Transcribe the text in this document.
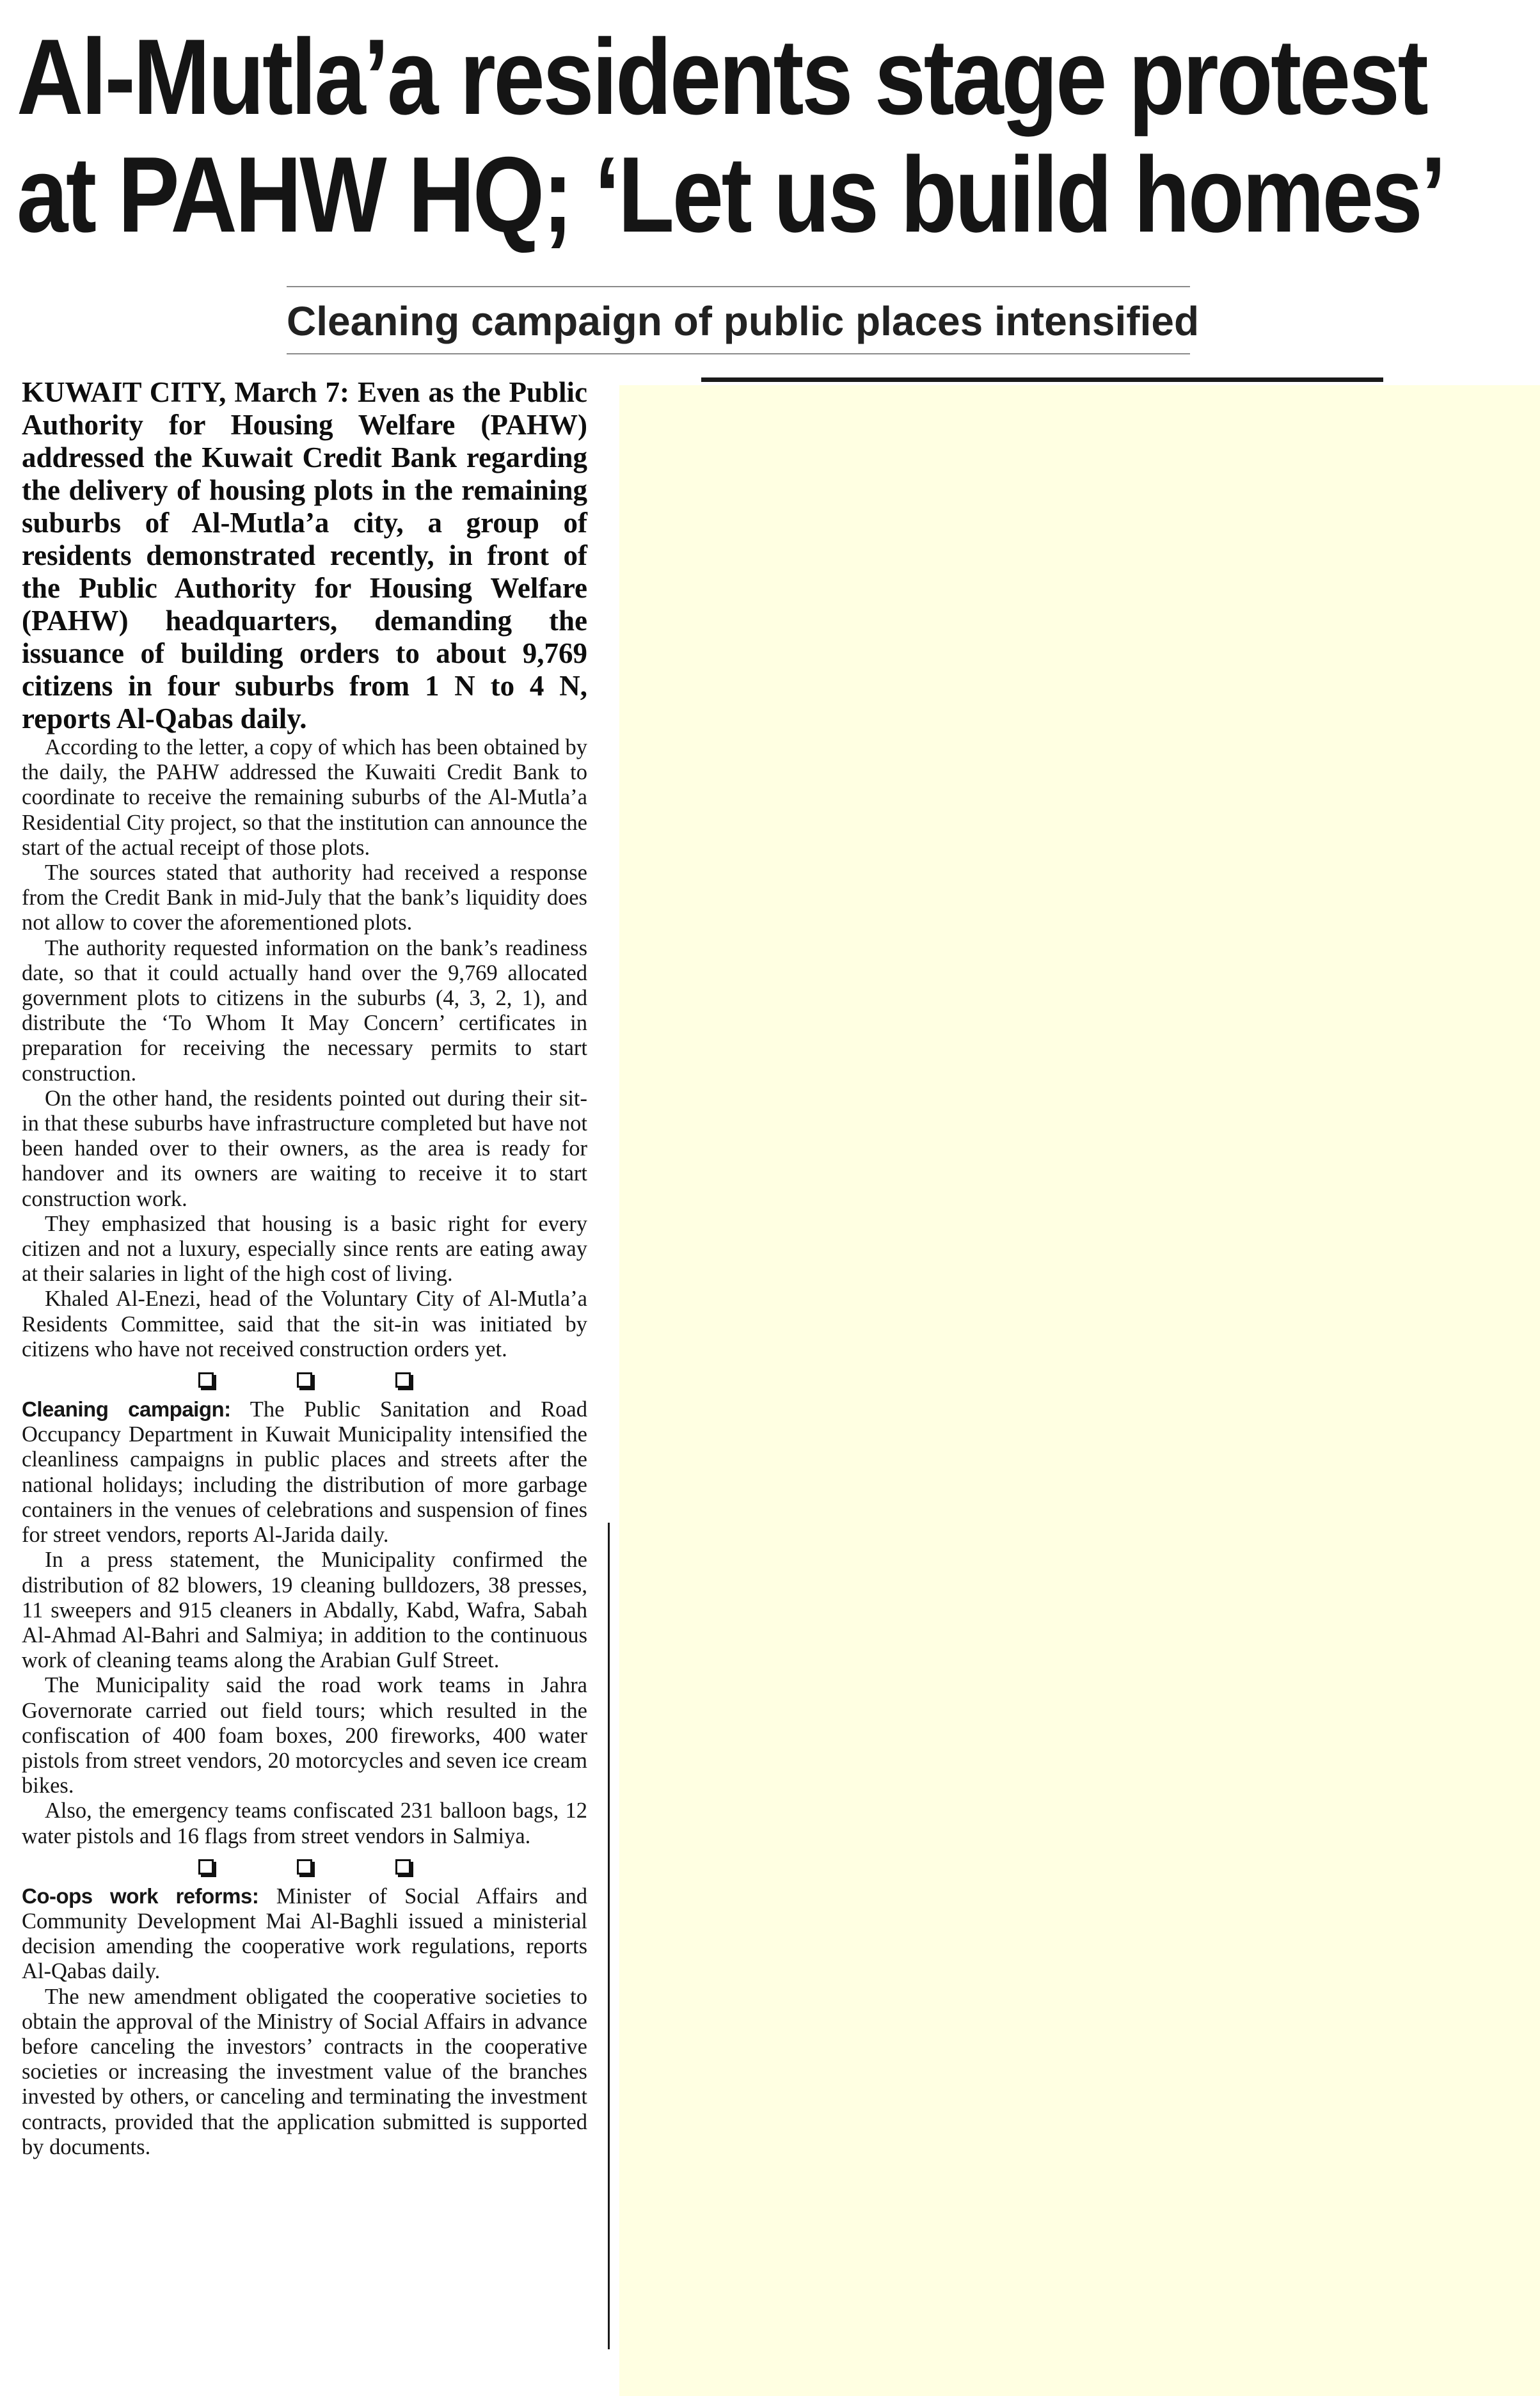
Al-Mutla’a residents stage protest
at PAHW HQ; ‘Let us build homes’
Cleaning campaign of public places intensified

KUWAIT CITY, March 7: Even as the Public Authority for Housing Welfare (PAHW) addressed the Kuwait Credit Bank regarding the delivery of housing plots in the remaining suburbs of Al-Mutla’a city, a group of residents demonstrated recently, in front of the Public Authority for Housing Welfare (PAHW) headquarters, demanding the issuance of building orders to about 9,769 citizens in four suburbs from 1 N to 4 N, reports Al-Qabas daily.

According to the letter, a copy of which has been obtained by the daily, the PAHW addressed the Kuwaiti Credit Bank to coordinate to receive the remaining suburbs of the Al-Mutla’a Residential City project, so that the institution can announce the start of the actual receipt of those plots.

The sources stated that authority had received a response from the Credit Bank in mid-July that the bank’s liquidity does not allow to cover the aforementioned plots.

The authority requested information on the bank’s readiness date, so that it could actually hand over the 9,769 allocated government plots to citizens in the suburbs (4, 3, 2, 1), and distribute the ‘To Whom It May Concern’ certificates in preparation for receiving the necessary permits to start construction.

On the other hand, the residents pointed out during their sit-in that these suburbs have infrastructure completed but have not been handed over to their owners, as the area is ready for handover and its owners are waiting to receive it to start construction work.

They emphasized that housing is a basic right for every citizen and not a luxury, especially since rents are eating away at their salaries in light of the high cost of living.

Khaled Al-Enezi, head of the Voluntary City of Al-Mutla’a Residents Committee, said that the sit-in was initiated by citizens who have not received construction orders yet.

Cleaning campaign: The Public Sanitation and Road Occupancy Department in Kuwait Municipality intensified the cleanliness campaigns in public places and streets after the national holidays; including the distribution of more garbage containers in the venues of celebrations and suspension of fines for street vendors, reports Al-Jarida daily.

In a press statement, the Municipality confirmed the distribution of 82 blowers, 19 cleaning bulldozers, 38 presses, 11 sweepers and 915 cleaners in Abdally, Kabd, Wafra, Sabah Al-Ahmad Al-Bahri and Salmiya; in addition to the continuous work of cleaning teams along the Arabian Gulf Street.

The Municipality said the road work teams in Jahra Governorate carried out field tours; which resulted in the confiscation of 400 foam boxes, 200 fireworks, 400 water pistols from street vendors, 20 motorcycles and seven ice cream bikes.

Also, the emergency teams confiscated 231 balloon bags, 12 water pistols and 16 flags from street vendors in Salmiya.

Co-ops work reforms: Minister of Social Affairs and Community Development Mai Al-Baghli issued a ministerial decision amending the cooperative work regulations, reports Al-Qabas daily.

The new amendment obligated the cooperative societies to obtain the approval of the Ministry of Social Affairs in advance before canceling the investors’ contracts in the cooperative societies or increasing the investment value of the branches invested by others, or canceling and terminating the investment contracts, provided that the application submitted is supported by documents.
